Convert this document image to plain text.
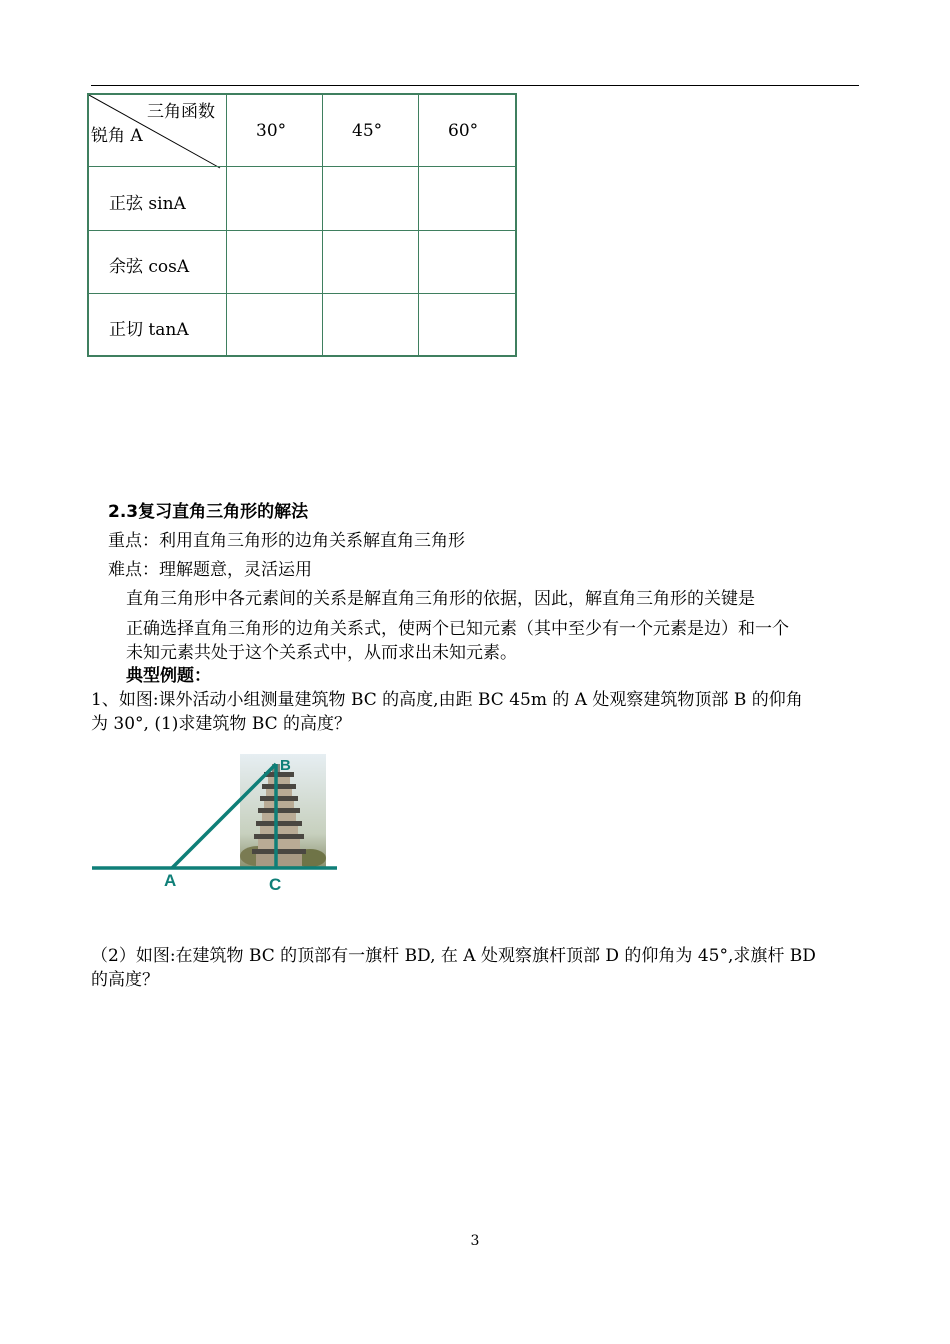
三角函数
锐角 A	30°	45°	60°
正弦 sinA
余弦 cosA
正切 tanA
2.3复习直角三角形的解法
重点：利用直角三角形的边角关系解直角三角形
难点：理解题意，灵活运用
直角三角形中各元素间的关系是解直角三角形的依据，因此，解直角三角形的关键是
正确选择直角三角形的边角关系式，使两个已知元素（其中至少有一个元素是边）和一个
未知元素共处于这个关系式中，从而求出未知元素。
典型例题：
1、如图:课外活动小组测量建筑物 BC 的高度,由距 BC 45m 的 A 处观察建筑物顶部 B 的仰角
为 30°, (1)求建筑物 BC 的高度？
A
B
C
（2）如图:在建筑物 BC 的顶部有一旗杆 BD, 在 A 处观察旗杆顶部 D 的仰角为 45°,求旗杆 BD
的高度？
3
